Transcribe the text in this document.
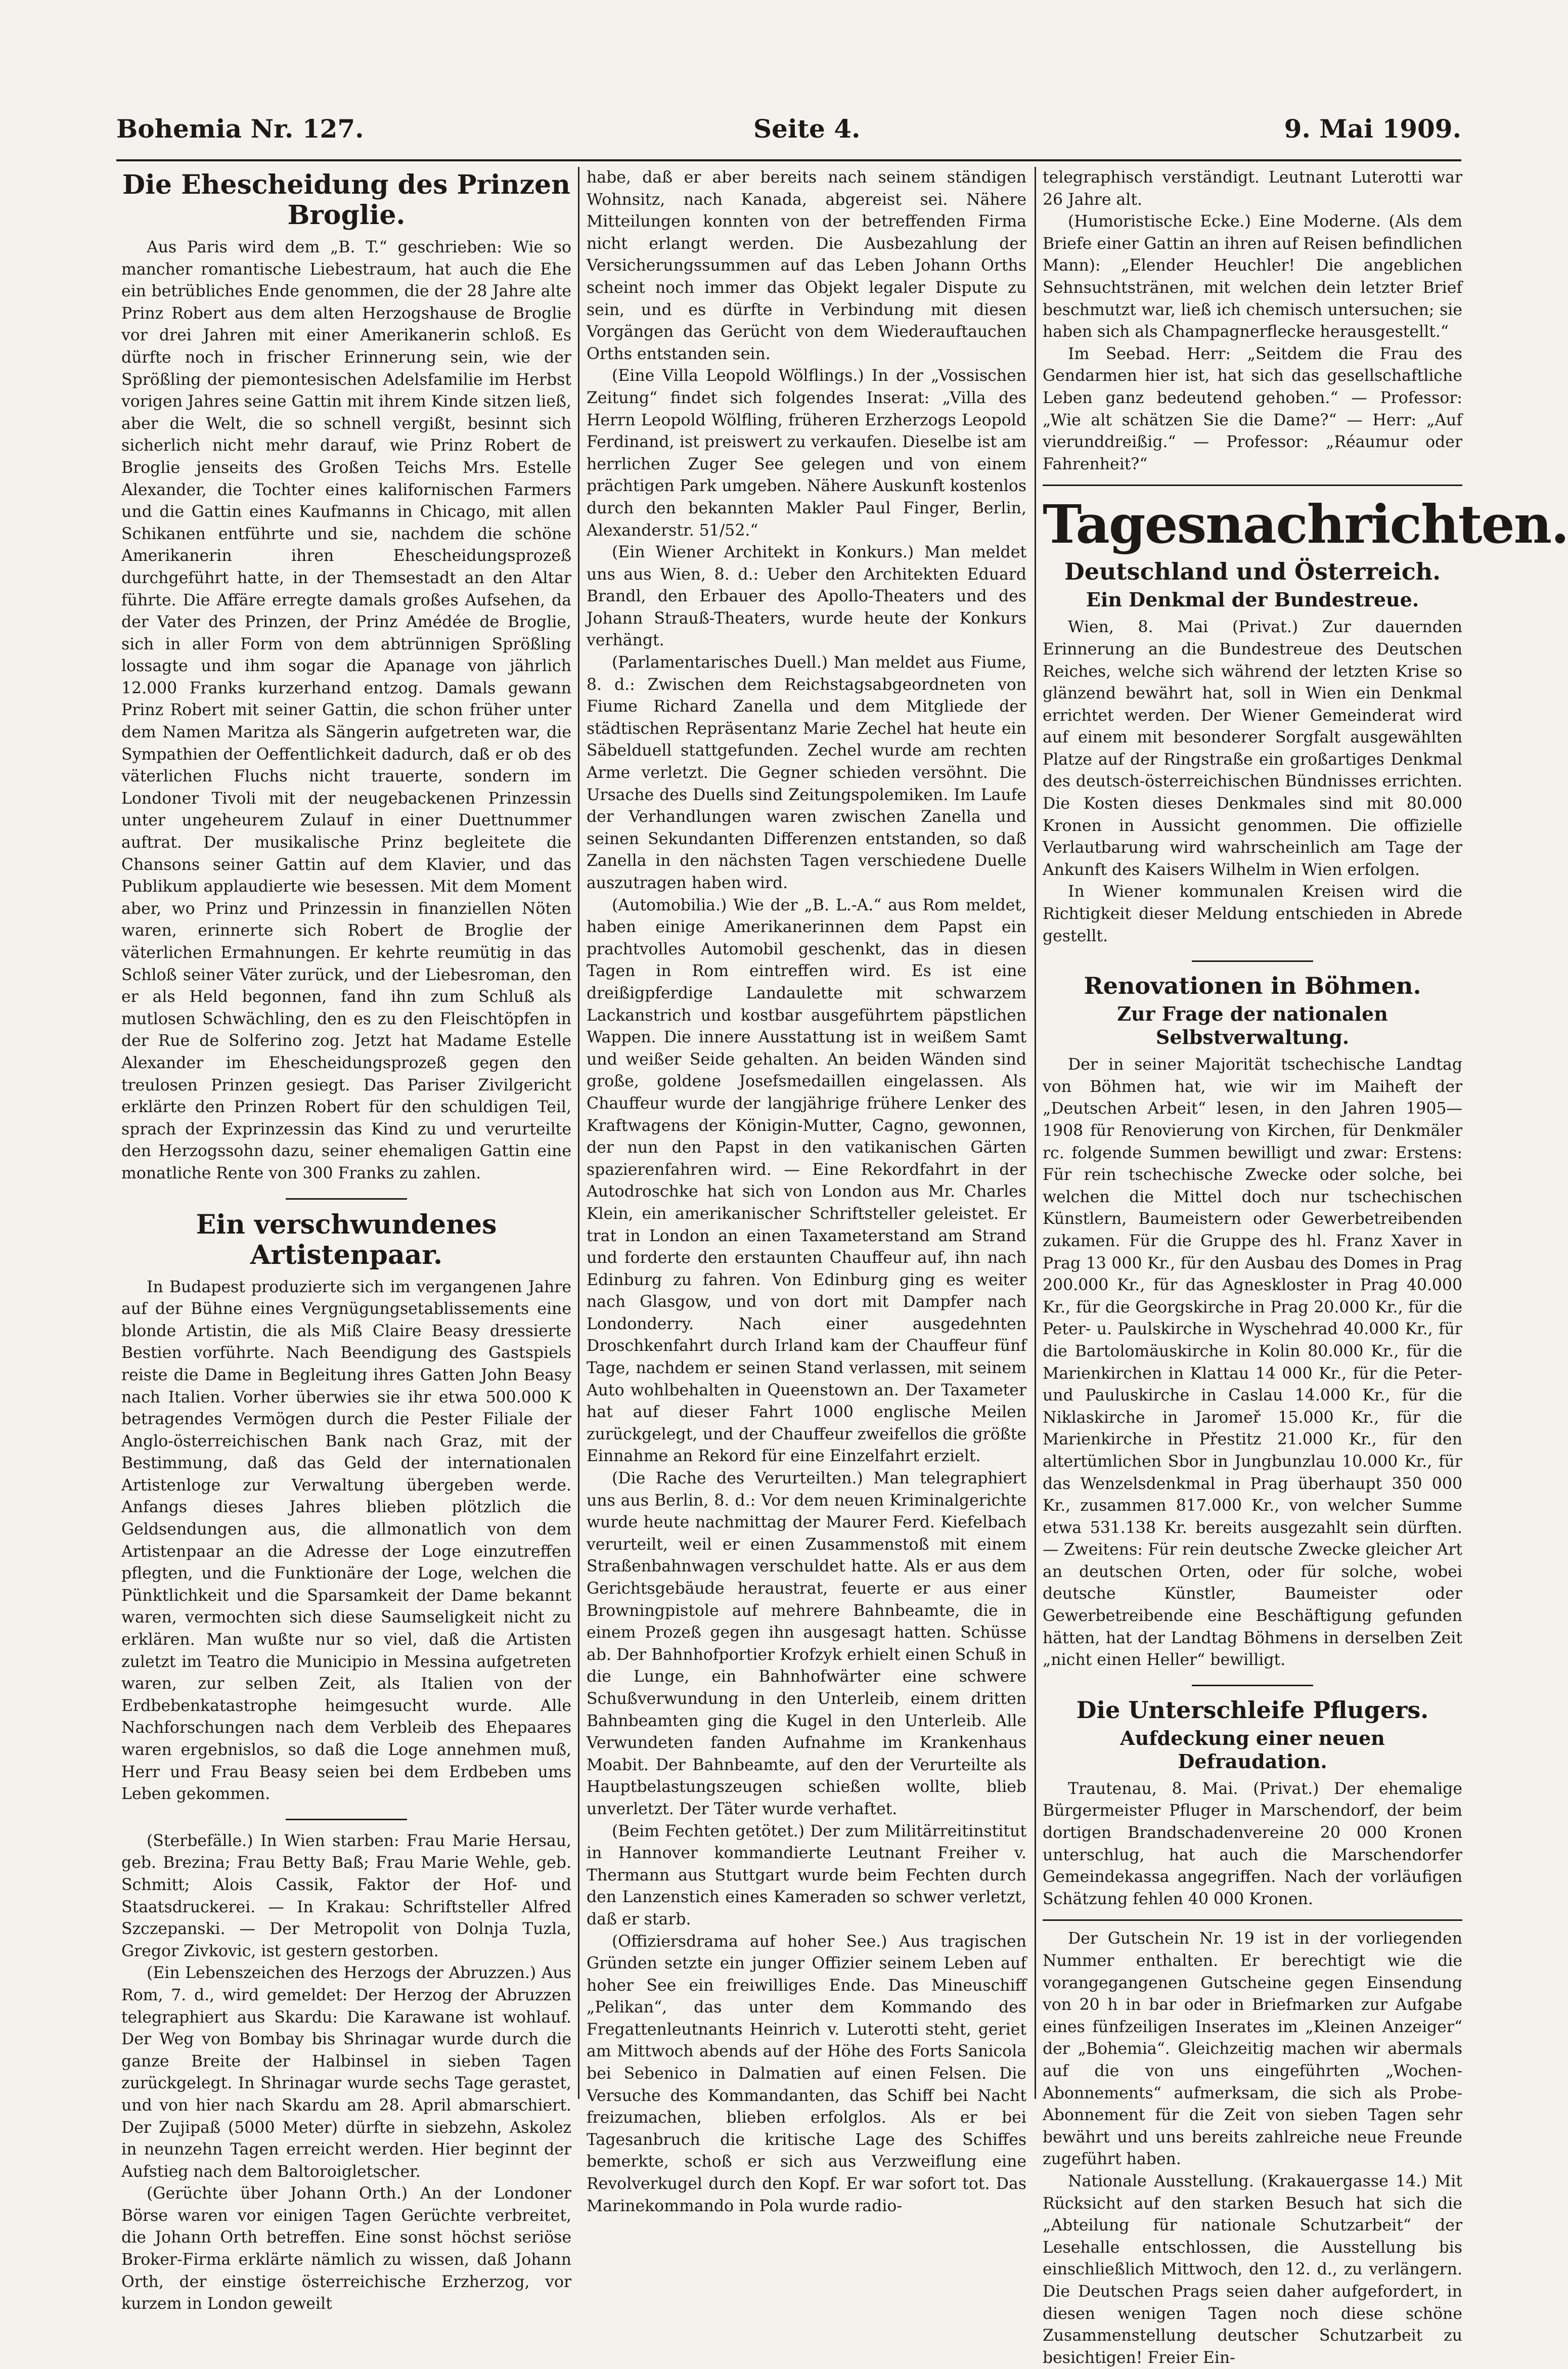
Bohemia Nr. 127.	Seite 4.	9. Mai 1909.
Die Ehescheidung des Prinzen Broglie.

Aus Paris wird dem „B. T.“ geschrieben: Wie so mancher romantische Liebestraum, hat auch die Ehe ein betrübliches Ende genommen, die der 28 Jahre alte Prinz Robert aus dem alten Herzogshause de Broglie vor drei Jahren mit einer Amerikanerin schloß. Es dürfte noch in frischer Erinnerung sein, wie der Sprößling der piemontesischen Adelsfamilie im Herbst vorigen Jahres seine Gattin mit ihrem Kinde sitzen ließ, aber die Welt, die so schnell vergißt, besinnt sich sicherlich nicht mehr darauf, wie Prinz Robert de Broglie jenseits des Großen Teichs Mrs. Estelle Alexander, die Tochter eines kalifornischen Farmers und die Gattin eines Kaufmanns in Chicago, mit allen Schikanen entführte und sie, nachdem die schöne Amerikanerin ihren Ehescheidungsprozeß durchgeführt hatte, in der Themsestadt an den Altar führte. Die Affäre erregte damals großes Aufsehen, da der Vater des Prinzen, der Prinz Amédée de Broglie, sich in aller Form von dem abtrünnigen Sprößling lossagte und ihm sogar die Apanage von jährlich 12.000 Franks kurzerhand entzog. Damals gewann Prinz Robert mit seiner Gattin, die schon früher unter dem Namen Maritza als Sängerin aufgetreten war, die Sympathien der Oeffentlichkeit dadurch, daß er ob des väterlichen Fluchs nicht trauerte, sondern im Londoner Tivoli mit der neugebackenen Prinzessin unter ungeheurem Zulauf in einer Duettnummer auftrat. Der musikalische Prinz begleitete die Chansons seiner Gattin auf dem Klavier, und das Publikum applaudierte wie besessen. Mit dem Moment aber, wo Prinz und Prinzessin in finanziellen Nöten waren, erinnerte sich Robert de Broglie der väterlichen Ermahnungen. Er kehrte reumütig in das Schloß seiner Väter zurück, und der Liebesroman, den er als Held begonnen, fand ihn zum Schluß als mutlosen Schwächling, den es zu den Fleischtöpfen in der Rue de Solferino zog. Jetzt hat Madame Estelle Alexander im Ehescheidungsprozeß gegen den treulosen Prinzen gesiegt. Das Pariser Zivilgericht erklärte den Prinzen Robert für den schuldigen Teil, sprach der Exprinzessin das Kind zu und verurteilte den Herzogssohn dazu, seiner ehemaligen Gattin eine monatliche Rente von 300 Franks zu zahlen.

Ein verschwundenes Artistenpaar.

In Budapest produzierte sich im vergangenen Jahre auf der Bühne eines Vergnügungsetablissements eine blonde Artistin, die als Miß Claire Beasy dressierte Bestien vorführte. Nach Beendigung des Gastspiels reiste die Dame in Begleitung ihres Gatten John Beasy nach Italien. Vorher überwies sie ihr etwa 500.000 K betragendes Vermögen durch die Pester Filiale der Anglo-österreichischen Bank nach Graz, mit der Bestimmung, daß das Geld der internationalen Artistenloge zur Verwaltung übergeben werde. Anfangs dieses Jahres blieben plötzlich die Geldsendungen aus, die allmonatlich von dem Artistenpaar an die Adresse der Loge einzutreffen pflegten, und die Funktionäre der Loge, welchen die Pünktlichkeit und die Sparsamkeit der Dame bekannt waren, vermochten sich diese Saumseligkeit nicht zu erklären. Man wußte nur so viel, daß die Artisten zuletzt im Teatro die Municipio in Messina aufgetreten waren, zur selben Zeit, als Italien von der Erdbebenkatastrophe heimgesucht wurde. Alle Nachforschungen nach dem Verbleib des Ehepaares waren ergebnislos, so daß die Loge annehmen muß, Herr und Frau Beasy seien bei dem Erdbeben ums Leben gekommen.

(Sterbefälle.) In Wien starben: Frau Marie Hersau, geb. Brezina; Frau Betty Baß; Frau Marie Wehle, geb. Schmitt; Alois Cassik, Faktor der Hof- und Staatsdruckerei. — In Krakau: Schriftsteller Alfred Szczepanski. — Der Metropolit von Dolnja Tuzla, Gregor Zivkovic, ist gestern gestorben.

(Ein Lebenszeichen des Herzogs der Abruzzen.) Aus Rom, 7. d., wird gemeldet: Der Herzog der Abruzzen telegraphiert aus Skardu: Die Karawane ist wohlauf. Der Weg von Bombay bis Shrinagar wurde durch die ganze Breite der Halbinsel in sieben Tagen zurückgelegt. In Shrinagar wurde sechs Tage gerastet, und von hier nach Skardu am 28. April abmarschiert. Der Zujipaß (5000 Meter) dürfte in siebzehn, Askolez in neunzehn Tagen erreicht werden. Hier beginnt der Aufstieg nach dem Baltoroigletscher.

(Gerüchte über Johann Orth.) An der Londoner Börse waren vor einigen Tagen Gerüchte verbreitet, die Johann Orth betreffen. Eine sonst höchst seriöse Broker-Firma erklärte nämlich zu wissen, daß Johann Orth, der einstige österreichische Erzherzog, vor kurzem in London geweilt

habe, daß er aber bereits nach seinem ständigen Wohnsitz, nach Kanada, abgereist sei. Nähere Mitteilungen konnten von der betreffenden Firma nicht erlangt werden. Die Ausbezahlung der Versicherungssummen auf das Leben Johann Orths scheint noch immer das Objekt legaler Dispute zu sein, und es dürfte in Verbindung mit diesen Vorgängen das Gerücht von dem Wiederauftauchen Orths entstanden sein.

(Eine Villa Leopold Wölflings.) In der „Vossischen Zeitung“ findet sich folgendes Inserat: „Villa des Herrn Leopold Wölfling, früheren Erzherzogs Leopold Ferdinand, ist preiswert zu verkaufen. Dieselbe ist am herrlichen Zuger See gelegen und von einem prächtigen Park umgeben. Nähere Auskunft kostenlos durch den bekannten Makler Paul Finger, Berlin, Alexanderstr. 51/52.“

(Ein Wiener Architekt in Konkurs.) Man meldet uns aus Wien, 8. d.: Ueber den Architekten Eduard Brandl, den Erbauer des Apollo-Theaters und des Johann Strauß-Theaters, wurde heute der Konkurs verhängt.

(Parlamentarisches Duell.) Man meldet aus Fiume, 8. d.: Zwischen dem Reichstagsabgeordneten von Fiume Richard Zanella und dem Mitgliede der städtischen Repräsentanz Marie Zechel hat heute ein Säbelduell stattgefunden. Zechel wurde am rechten Arme verletzt. Die Gegner schieden versöhnt. Die Ursache des Duells sind Zeitungspolemiken. Im Laufe der Verhandlungen waren zwischen Zanella und seinen Sekundanten Differenzen entstanden, so daß Zanella in den nächsten Tagen verschiedene Duelle auszutragen haben wird.

(Automobilia.) Wie der „B. L.-A.“ aus Rom meldet, haben einige Amerikanerinnen dem Papst ein prachtvolles Automobil geschenkt, das in diesen Tagen in Rom eintreffen wird. Es ist eine dreißigpferdige Landaulette mit schwarzem Lackanstrich und kostbar ausgeführtem päpstlichen Wappen. Die innere Ausstattung ist in weißem Samt und weißer Seide gehalten. An beiden Wänden sind große, goldene Josefsmedaillen eingelassen. Als Chauffeur wurde der langjährige frühere Lenker des Kraftwagens der Königin-Mutter, Cagno, gewonnen, der nun den Papst in den vatikanischen Gärten spazierenfahren wird. — Eine Rekordfahrt in der Autodroschke hat sich von London aus Mr. Charles Klein, ein amerikanischer Schriftsteller geleistet. Er trat in London an einen Taxameterstand am Strand und forderte den erstaunten Chauffeur auf, ihn nach Edinburg zu fahren. Von Edinburg ging es weiter nach Glasgow, und von dort mit Dampfer nach Londonderry. Nach einer ausgedehnten Droschkenfahrt durch Irland kam der Chauffeur fünf Tage, nachdem er seinen Stand verlassen, mit seinem Auto wohlbehalten in Queenstown an. Der Taxameter hat auf dieser Fahrt 1000 englische Meilen zurückgelegt, und der Chauffeur zweifellos die größte Einnahme an Rekord für eine Einzelfahrt erzielt.

(Die Rache des Verurteilten.) Man telegraphiert uns aus Berlin, 8. d.: Vor dem neuen Kriminalgerichte wurde heute nachmittag der Maurer Ferd. Kiefelbach verurteilt, weil er einen Zusammenstoß mit einem Straßenbahnwagen verschuldet hatte. Als er aus dem Gerichtsgebäude heraustrat, feuerte er aus einer Browningpistole auf mehrere Bahnbeamte, die in einem Prozeß gegen ihn ausgesagt hatten. Schüsse ab. Der Bahnhofportier Krofzyk erhielt einen Schuß in die Lunge, ein Bahnhofwärter eine schwere Schußverwundung in den Unterleib, einem dritten Bahnbeamten ging die Kugel in den Unterleib. Alle Verwundeten fanden Aufnahme im Krankenhaus Moabit. Der Bahnbeamte, auf den der Verurteilte als Hauptbelastungszeugen schießen wollte, blieb unverletzt. Der Täter wurde verhaftet.

(Beim Fechten getötet.) Der zum Militärreitinstitut in Hannover kommandierte Leutnant Freiher v. Thermann aus Stuttgart wurde beim Fechten durch den Lanzenstich eines Kameraden so schwer verletzt, daß er starb.

(Offiziersdrama auf hoher See.) Aus tragischen Gründen setzte ein junger Offizier seinem Leben auf hoher See ein freiwilliges Ende. Das Mineuschiff „Pelikan“, das unter dem Kommando des Fregattenleutnants Heinrich v. Luterotti steht, geriet am Mittwoch abends auf der Höhe des Forts Sanicola bei Sebenico in Dalmatien auf einen Felsen. Die Versuche des Kommandanten, das Schiff bei Nacht freizumachen, blieben erfolglos. Als er bei Tagesanbruch die kritische Lage des Schiffes bemerkte, schoß er sich aus Verzweiflung eine Revolverkugel durch den Kopf. Er war sofort tot. Das Marinekommando in Pola wurde radio-

telegraphisch verständigt. Leutnant Luterotti war 26 Jahre alt.

(Humoristische Ecke.) Eine Moderne. (Als dem Briefe einer Gattin an ihren auf Reisen befindlichen Mann): „Elender Heuchler! Die angeblichen Sehnsuchtstränen, mit welchen dein letzter Brief beschmutzt war, ließ ich chemisch untersuchen; sie haben sich als Champagnerflecke herausgestellt.“

Im Seebad. Herr: „Seitdem die Frau des Gendarmen hier ist, hat sich das gesellschaftliche Leben ganz bedeutend gehoben.“ — Professor: „Wie alt schätzen Sie die Dame?“ — Herr: „Auf vierunddreißig.“ — Professor: „Réaumur oder Fahrenheit?“

Tagesnachrichten.
Deutschland und Österreich.
Ein Denkmal der Bundestreue.

Wien, 8. Mai (Privat.) Zur dauernden Erinnerung an die Bundestreue des Deutschen Reiches, welche sich während der letzten Krise so glänzend bewährt hat, soll in Wien ein Denkmal errichtet werden. Der Wiener Gemeinderat wird auf einem mit besonderer Sorgfalt ausgewählten Platze auf der Ringstraße ein großartiges Denkmal des deutsch-österreichischen Bündnisses errichten. Die Kosten dieses Denkmales sind mit 80.000 Kronen in Aussicht genommen. Die offizielle Verlautbarung wird wahrscheinlich am Tage der Ankunft des Kaisers Wilhelm in Wien erfolgen.

In Wiener kommunalen Kreisen wird die Richtigkeit dieser Meldung entschieden in Abrede gestellt.

Renovationen in Böhmen.
Zur Frage der nationalen Selbstverwaltung.

Der in seiner Majorität tschechische Landtag von Böhmen hat, wie wir im Maiheft der „Deutschen Arbeit“ lesen, in den Jahren 1905—1908 für Renovierung von Kirchen, für Denkmäler rc. folgende Summen bewilligt und zwar: Erstens: Für rein tschechische Zwecke oder solche, bei welchen die Mittel doch nur tschechischen Künstlern, Baumeistern oder Gewerbetreibenden zukamen. Für die Gruppe des hl. Franz Xaver in Prag 13 000 Kr., für den Ausbau des Domes in Prag 200.000 Kr., für das Agneskloster in Prag 40.000 Kr., für die Georgskirche in Prag 20.000 Kr., für die Peter- u. Paulskirche in Wyschehrad 40.000 Kr., für die Bartolomäuskirche in Kolin 80.000 Kr., für die Marienkirchen in Klattau 14 000 Kr., für die Peter- und Pauluskirche in Caslau 14.000 Kr., für die Niklaskirche in Jaromeř 15.000 Kr., für die Marienkirche in Přestitz 21.000 Kr., für den altertümlichen Sbor in Jungbunzlau 10.000 Kr., für das Wenzelsdenkmal in Prag überhaupt 350 000 Kr., zusammen 817.000 Kr., von welcher Summe etwa 531.138 Kr. bereits ausgezahlt sein dürften. — Zweitens: Für rein deutsche Zwecke gleicher Art an deutschen Orten, oder für solche, wobei deutsche Künstler, Baumeister oder Gewerbetreibende eine Beschäftigung gefunden hätten, hat der Landtag Böhmens in derselben Zeit „nicht einen Heller“ bewilligt.

Die Unterschleife Pflugers.
Aufdeckung einer neuen Defraudation.

Trautenau, 8. Mai. (Privat.) Der ehemalige Bürgermeister Pfluger in Marschendorf, der beim dortigen Brandschadenvereine 20 000 Kronen unterschlug, hat auch die Marschendorfer Gemeindekassa angegriffen. Nach der vorläufigen Schätzung fehlen 40 000 Kronen.

Der Gutschein Nr. 19 ist in der vorliegenden Nummer enthalten. Er berechtigt wie die vorangegangenen Gutscheine gegen Einsendung von 20 h in bar oder in Briefmarken zur Aufgabe eines fünfzeiligen Inserates im „Kleinen Anzeiger“ der „Bohemia“. Gleichzeitig machen wir abermals auf die von uns eingeführten „Wochen-Abonnements“ aufmerksam, die sich als Probe-Abonnement für die Zeit von sieben Tagen sehr bewährt und uns bereits zahlreiche neue Freunde zugeführt haben.

Nationale Ausstellung. (Krakauergasse 14.) Mit Rücksicht auf den starken Besuch hat sich die „Abteilung für nationale Schutzarbeit“ der Lesehalle entschlossen, die Ausstellung bis einschließlich Mittwoch, den 12. d., zu verlängern. Die Deutschen Prags seien daher aufgefordert, in diesen wenigen Tagen noch diese schöne Zusammenstellung deutscher Schutzarbeit zu besichtigen! Freier Ein-
